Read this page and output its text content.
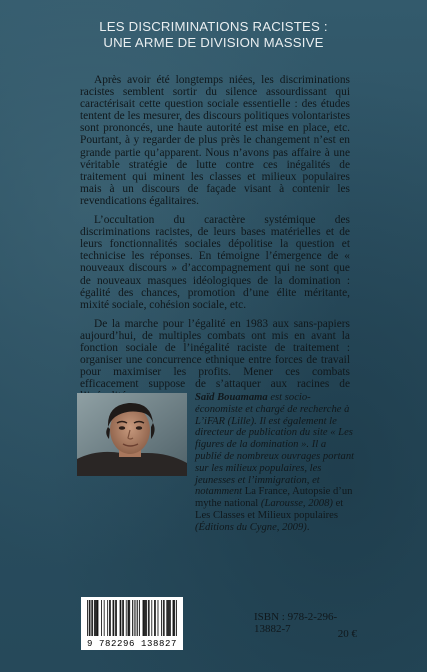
LES DISCRIMINATIONS RACISTES :
UNE ARME DE DIVISION MASSIVE

Après avoir été longtemps niées, les discriminations racistes semblent sortir du silence assourdissant qui caractérisait cette question sociale essentielle : des études tentent de les mesurer, des discours politiques volontaristes sont prononcés, une haute autorité est mise en place, etc. Pourtant, à y regarder de plus près le changement n’est en grande partie qu’apparent. Nous n’avons pas affaire à une véritable stratégie de lutte contre ces inégalités de traitement qui minent les classes et milieux populaires mais à un discours de façade visant à contenir les revendications égalitaires.

L’occultation du caractère systémique des discriminations racistes, de leurs bases matérielles et de leurs fonctionnalités sociales dépolitise la question et technicise les réponses. En témoigne l’émergence de « nouveaux discours » d’accompagnement qui ne sont que de nouveaux masques idéologiques de la domination : égalité des chances, promotion d’une élite méritante, mixité sociale, cohésion sociale, etc.

De la marche pour l’égalité en 1983 aux sans-papiers aujourd’hui, de multiples combats ont mis en avant la fonction sociale de l’inégalité raciste de traitement : organiser une concurrence ethnique entre forces de travail pour maximiser les profits. Mener ces combats efficacement suppose de s’attaquer aux racines de

Saïd Bouamama est socio-économiste et chargé de recherche à L’iFAR (Lille). Il est également le directeur de publication du site « Les figures de la domination ». Il a publié de nombreux ouvrages portant sur les milieux populaires, les jeunesses et l’immigration, et notamment La France, Autopsie d’un mythe national (Larousse, 2008) et Les Classes et Milieux populaires (Éditions du Cygne, 2009).
9 782296 138827
ISBN : 978-2-296-13882-7	20 €
